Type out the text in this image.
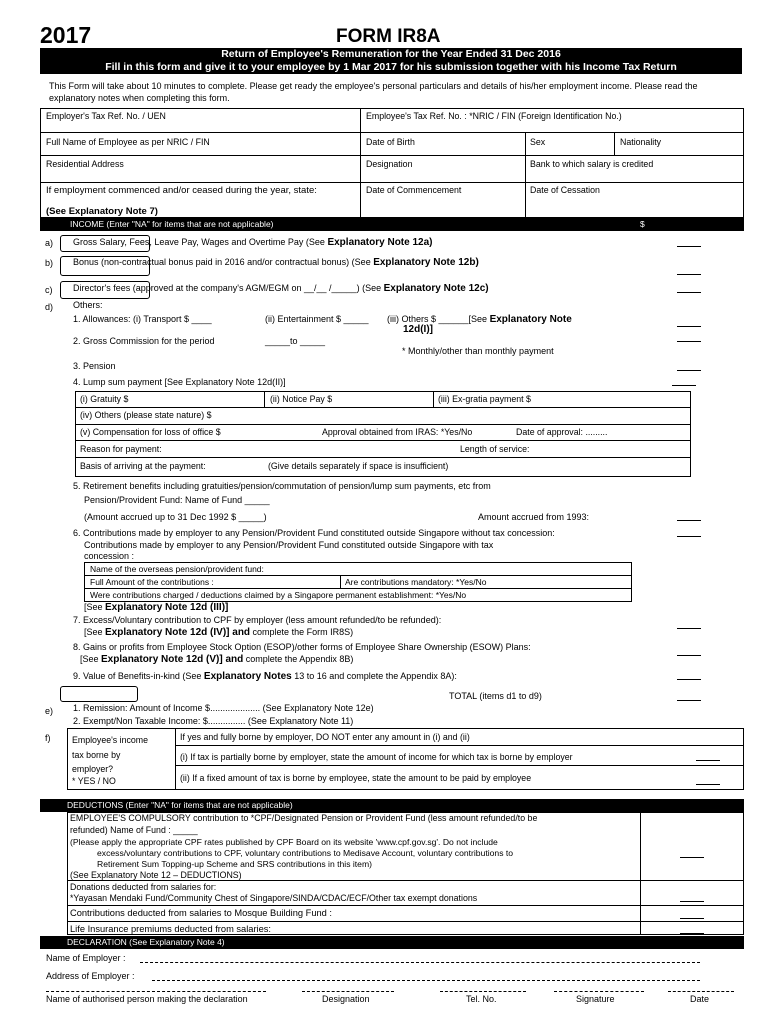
2017	FORM IR8A
Return of Employee's Remuneration for the Year Ended 31 Dec 2016
Fill in this form and give it to your employee by 1 Mar 2017 for his submission together with his Income Tax Return
This Form will take about 10 minutes to complete. Please get ready the employee's personal particulars and details of his/her employment income. Please read the explanatory notes when completing this form.
Employer's Tax Ref. No. / UEN	Employee's Tax Ref. No. : *NRIC / FIN (Foreign Identification No.)
Full Name of Employee as per NRIC / FIN	Date of Birth	Sex	Nationality
Residential Address	Designation	Bank to which salary is credited
If employment commenced and/or ceased during the year, state:
(See Explanatory Note 7)
Date of Commencement	Date of Cessation
INCOME (Enter "NA" for items that are not applicable)	$
a) Gross Salary, Fees, Leave Pay, Wages and Overtime Pay (See Explanatory Note 12a)
b) Bonus (non-contractual bonus paid in 2016 and/or contractual bonus) (See Explanatory Note 12b)
c) Director's fees (approved at the company's AGM/EGM on __/__ /_____) (See Explanatory Note 12c)
d) Others:
1. Allowances: (i) Transport $ ____	(ii) Entertainment $ _____ (iii) Others $ ______[See Explanatory Note
12d(I)]
2. Gross Commission for the period	_____to _____
* Monthly/other than monthly payment
3. Pension
4. Lump sum payment [See Explanatory Note 12d(II)]
(i) Gratuity $	(ii) Notice Pay $	(iii) Ex-gratia payment $
(iv) Others (please state nature) $
(v) Compensation for loss of office $	Approval obtained from IRAS: *Yes/No	Date of approval: .........
Reason for payment:	Length of service:
Basis of arriving at the payment:	(Give details separately if space is insufficient)
5. Retirement benefits including gratuities/pension/commutation of pension/lump sum payments, etc from
Pension/Provident Fund: Name of Fund _____
(Amount accrued up to 31 Dec 1992 $ _____)	Amount accrued from 1993:
6. Contributions made by employer to any Pension/Provident Fund constituted outside Singapore without tax concession:
Contributions made by employer to any Pension/Provident Fund constituted outside Singapore with tax
concession :
Name of the overseas pension/provident fund:
Full Amount of the contributions :	Are contributions mandatory: *Yes/No
Were contributions charged / deductions claimed by a Singapore permanent establishment: *Yes/No
[See Explanatory Note 12d (III)]
7. Excess/Voluntary contribution to CPF by employer (less amount refunded/to be refunded):
[See Explanatory Note 12d (IV)] and complete the Form IR8S)
8. Gains or profits from Employee Stock Option (ESOP)/other forms of Employee Share Ownership (ESOW) Plans:
[See Explanatory Note 12d (V)] and complete the Appendix 8B)
9. Value of Benefits-in-kind (See Explanatory Notes 13 to 16 and complete the Appendix 8A):
TOTAL (items d1 to d9)
e) 1. Remission: Amount of Income $.................... (See Explanatory Note 12e)
2. Exempt/Non Taxable Income: $............... (See Explanatory Note 11)
f) Employee's income
tax borne by
employer?
* YES / NO
If yes and fully borne by employer, DO NOT enter any amount in (i) and (ii)
(i) If tax is partially borne by employer, state the amount of income for which tax is borne by employer
(ii) If a fixed amount of tax is borne by employee, state the amount to be paid by employee
DEDUCTIONS (Enter "NA" for items that are not applicable)
EMPLOYEE'S COMPULSORY contribution to *CPF/Designated Pension or Provident Fund (less amount refunded/to be
refunded) Name of Fund : _____
(Please apply the appropriate CPF rates published by CPF Board on its website 'www.cpf.gov.sg'. Do not include
excess/voluntary contributions to CPF, voluntary contributions to Medisave Account, voluntary contributions to
Retirement Sum Topping-up Scheme and SRS contributions in this item)
(See Explanatory Note 12 – DEDUCTIONS)
Donations deducted from salaries for:
*Yayasan Mendaki Fund/Community Chest of Singapore/SINDA/CDAC/ECF/Other tax exempt donations
Contributions deducted from salaries to Mosque Building Fund :
Life Insurance premiums deducted from salaries:
DECLARATION (See Explanatory Note 4)
Name of Employer :
Address of Employer :
Name of authorised person making the declaration	Designation	Tel. No.	Signature	Date
